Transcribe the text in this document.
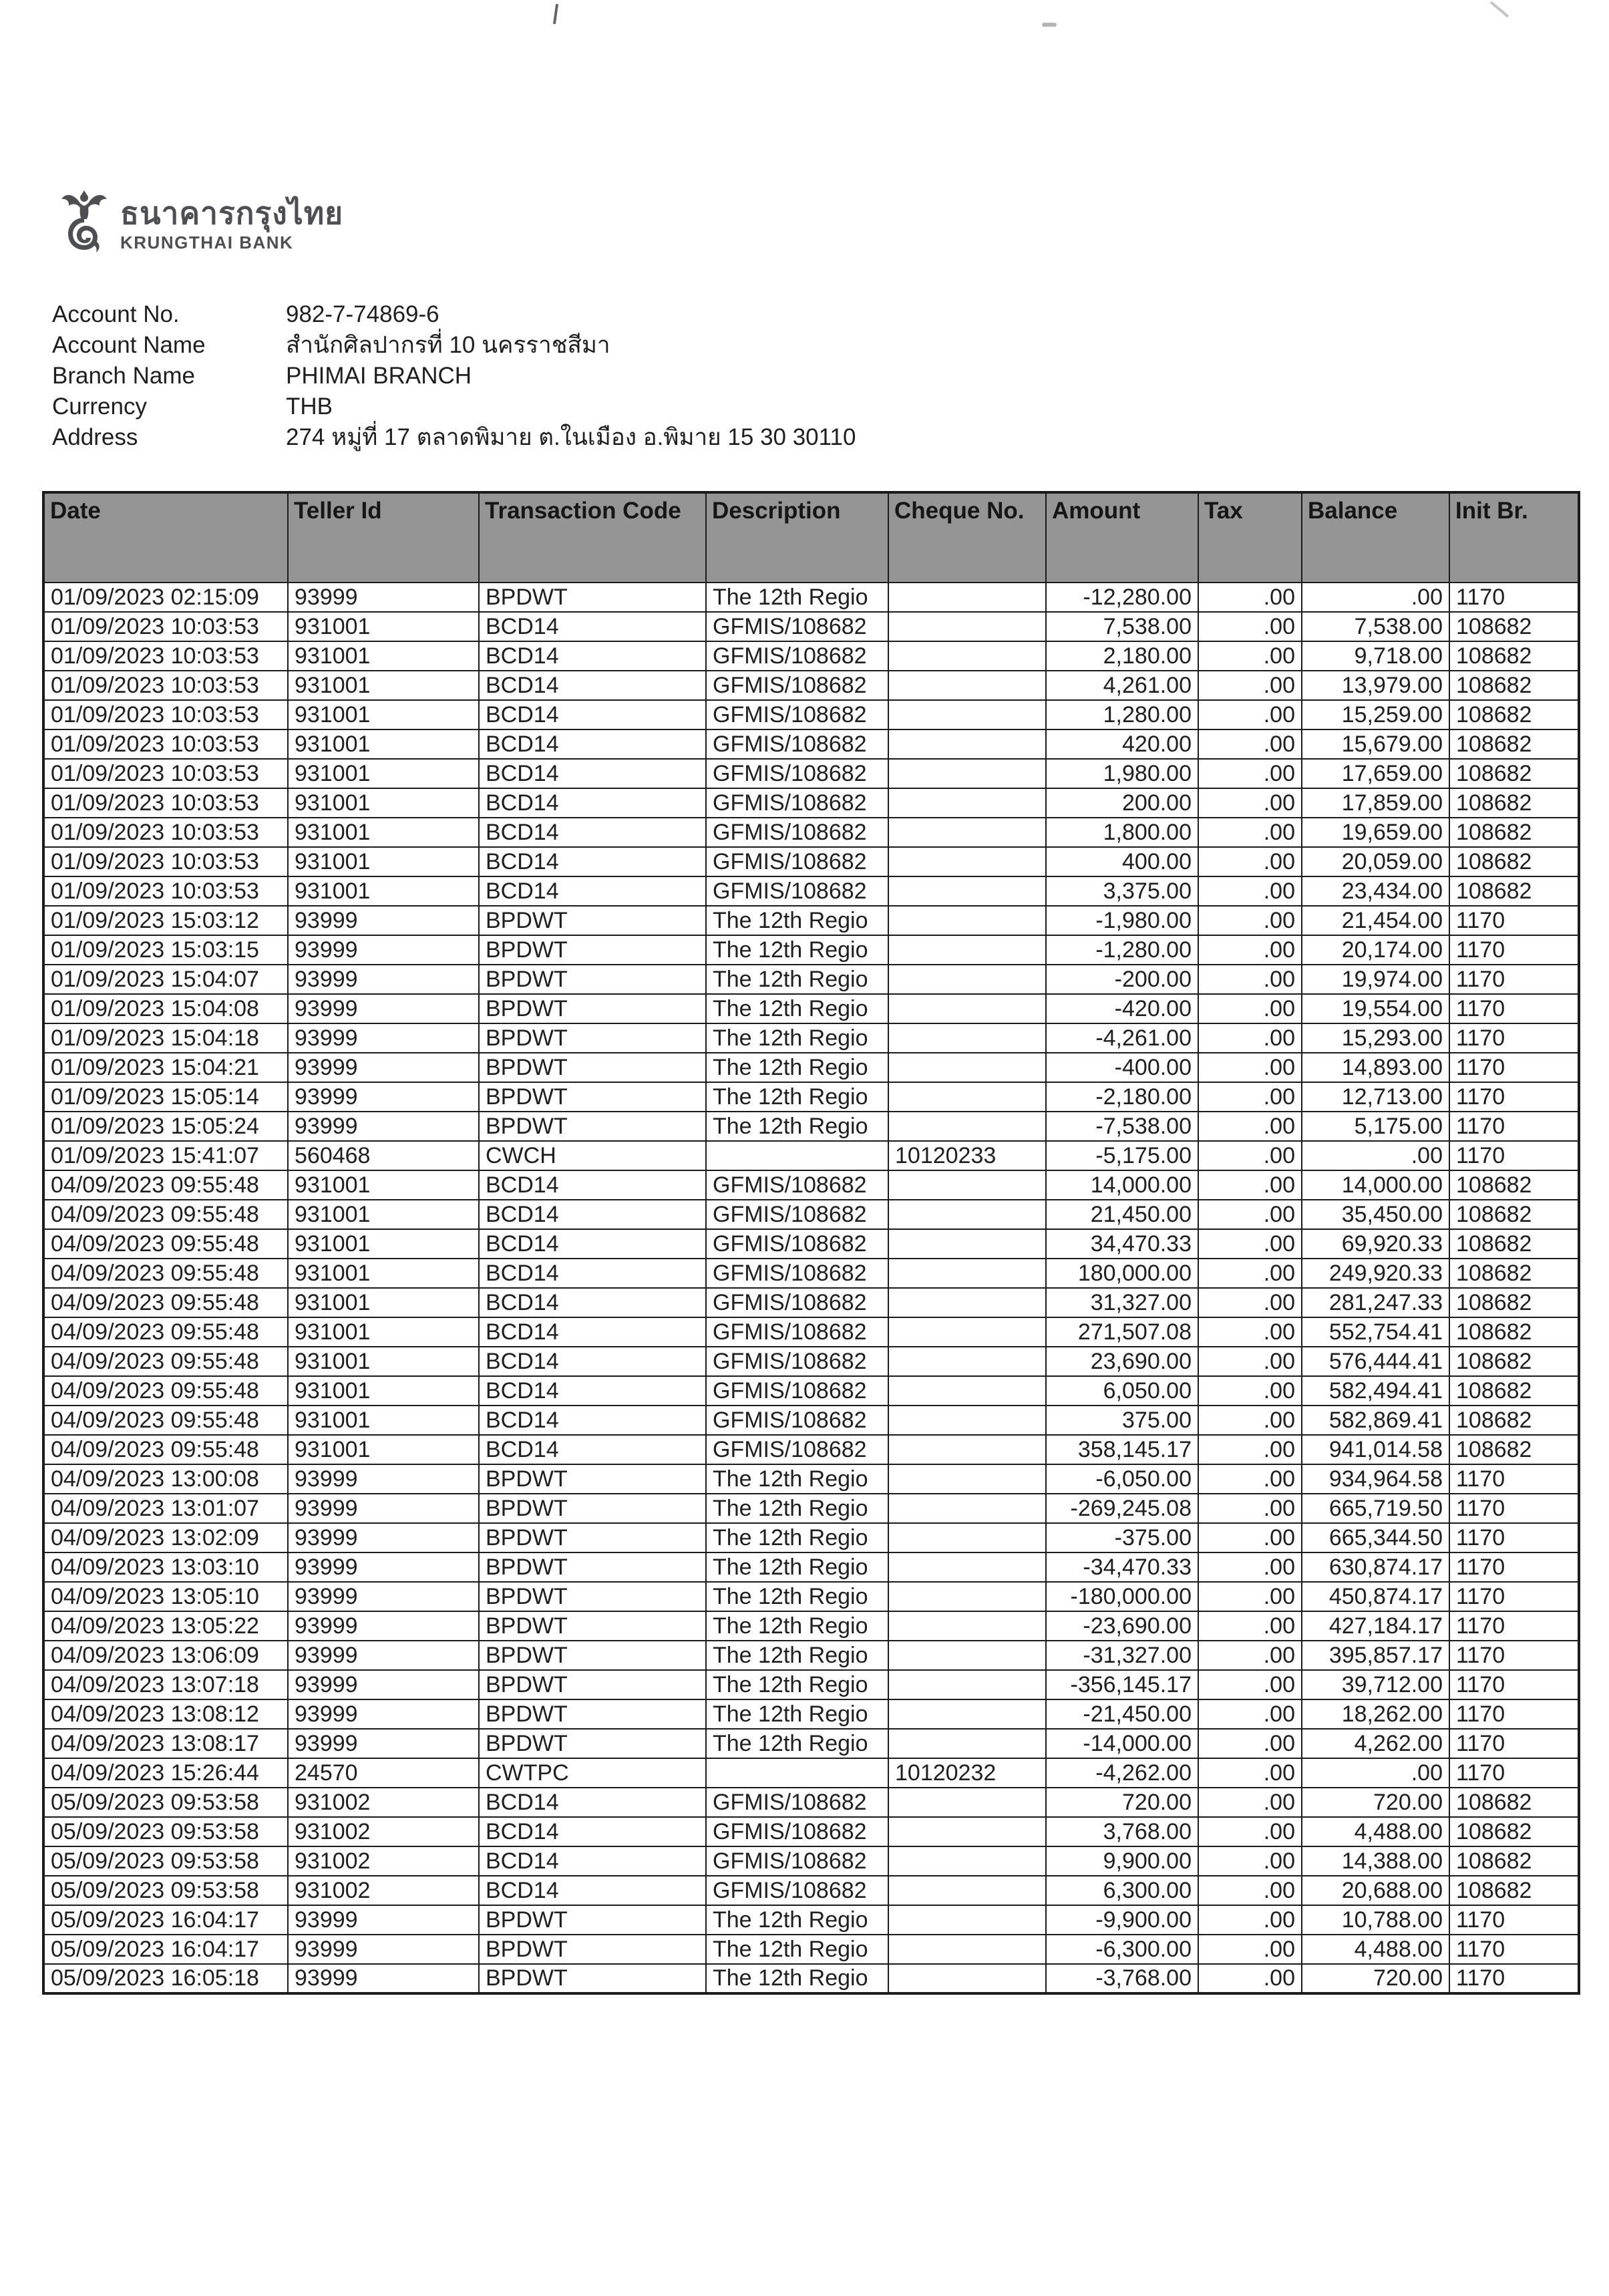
ธนาคารกรุงไทย
KRUNGTHAI BANK
Account No.	982-7-74869-6
Account Name	สำนักศิลปากรที่ 10 นครราชสีมา
Branch Name	PHIMAI BRANCH
Currency	THB
Address	274 หมู่ที่ 17 ตลาดพิมาย ต.ในเมือง อ.พิมาย 15 30 30110
Date	Teller Id	Transaction Code	Description	Cheque No.	Amount	Tax	Balance	Init Br.
01/09/2023 02:15:09	93999	BPDWT	The 12th Regio		-12,280.00	.00	.00	1170
01/09/2023 10:03:53	931001	BCD14	GFMIS/108682		7,538.00	.00	7,538.00	108682
01/09/2023 10:03:53	931001	BCD14	GFMIS/108682		2,180.00	.00	9,718.00	108682
01/09/2023 10:03:53	931001	BCD14	GFMIS/108682		4,261.00	.00	13,979.00	108682
01/09/2023 10:03:53	931001	BCD14	GFMIS/108682		1,280.00	.00	15,259.00	108682
01/09/2023 10:03:53	931001	BCD14	GFMIS/108682		420.00	.00	15,679.00	108682
01/09/2023 10:03:53	931001	BCD14	GFMIS/108682		1,980.00	.00	17,659.00	108682
01/09/2023 10:03:53	931001	BCD14	GFMIS/108682		200.00	.00	17,859.00	108682
01/09/2023 10:03:53	931001	BCD14	GFMIS/108682		1,800.00	.00	19,659.00	108682
01/09/2023 10:03:53	931001	BCD14	GFMIS/108682		400.00	.00	20,059.00	108682
01/09/2023 10:03:53	931001	BCD14	GFMIS/108682		3,375.00	.00	23,434.00	108682
01/09/2023 15:03:12	93999	BPDWT	The 12th Regio		-1,980.00	.00	21,454.00	1170
01/09/2023 15:03:15	93999	BPDWT	The 12th Regio		-1,280.00	.00	20,174.00	1170
01/09/2023 15:04:07	93999	BPDWT	The 12th Regio		-200.00	.00	19,974.00	1170
01/09/2023 15:04:08	93999	BPDWT	The 12th Regio		-420.00	.00	19,554.00	1170
01/09/2023 15:04:18	93999	BPDWT	The 12th Regio		-4,261.00	.00	15,293.00	1170
01/09/2023 15:04:21	93999	BPDWT	The 12th Regio		-400.00	.00	14,893.00	1170
01/09/2023 15:05:14	93999	BPDWT	The 12th Regio		-2,180.00	.00	12,713.00	1170
01/09/2023 15:05:24	93999	BPDWT	The 12th Regio		-7,538.00	.00	5,175.00	1170
01/09/2023 15:41:07	560468	CWCH		10120233	-5,175.00	.00	.00	1170
04/09/2023 09:55:48	931001	BCD14	GFMIS/108682		14,000.00	.00	14,000.00	108682
04/09/2023 09:55:48	931001	BCD14	GFMIS/108682		21,450.00	.00	35,450.00	108682
04/09/2023 09:55:48	931001	BCD14	GFMIS/108682		34,470.33	.00	69,920.33	108682
04/09/2023 09:55:48	931001	BCD14	GFMIS/108682		180,000.00	.00	249,920.33	108682
04/09/2023 09:55:48	931001	BCD14	GFMIS/108682		31,327.00	.00	281,247.33	108682
04/09/2023 09:55:48	931001	BCD14	GFMIS/108682		271,507.08	.00	552,754.41	108682
04/09/2023 09:55:48	931001	BCD14	GFMIS/108682		23,690.00	.00	576,444.41	108682
04/09/2023 09:55:48	931001	BCD14	GFMIS/108682		6,050.00	.00	582,494.41	108682
04/09/2023 09:55:48	931001	BCD14	GFMIS/108682		375.00	.00	582,869.41	108682
04/09/2023 09:55:48	931001	BCD14	GFMIS/108682		358,145.17	.00	941,014.58	108682
04/09/2023 13:00:08	93999	BPDWT	The 12th Regio		-6,050.00	.00	934,964.58	1170
04/09/2023 13:01:07	93999	BPDWT	The 12th Regio		-269,245.08	.00	665,719.50	1170
04/09/2023 13:02:09	93999	BPDWT	The 12th Regio		-375.00	.00	665,344.50	1170
04/09/2023 13:03:10	93999	BPDWT	The 12th Regio		-34,470.33	.00	630,874.17	1170
04/09/2023 13:05:10	93999	BPDWT	The 12th Regio		-180,000.00	.00	450,874.17	1170
04/09/2023 13:05:22	93999	BPDWT	The 12th Regio		-23,690.00	.00	427,184.17	1170
04/09/2023 13:06:09	93999	BPDWT	The 12th Regio		-31,327.00	.00	395,857.17	1170
04/09/2023 13:07:18	93999	BPDWT	The 12th Regio		-356,145.17	.00	39,712.00	1170
04/09/2023 13:08:12	93999	BPDWT	The 12th Regio		-21,450.00	.00	18,262.00	1170
04/09/2023 13:08:17	93999	BPDWT	The 12th Regio		-14,000.00	.00	4,262.00	1170
04/09/2023 15:26:44	24570	CWTPC		10120232	-4,262.00	.00	.00	1170
05/09/2023 09:53:58	931002	BCD14	GFMIS/108682		720.00	.00	720.00	108682
05/09/2023 09:53:58	931002	BCD14	GFMIS/108682		3,768.00	.00	4,488.00	108682
05/09/2023 09:53:58	931002	BCD14	GFMIS/108682		9,900.00	.00	14,388.00	108682
05/09/2023 09:53:58	931002	BCD14	GFMIS/108682		6,300.00	.00	20,688.00	108682
05/09/2023 16:04:17	93999	BPDWT	The 12th Regio		-9,900.00	.00	10,788.00	1170
05/09/2023 16:04:17	93999	BPDWT	The 12th Regio		-6,300.00	.00	4,488.00	1170
05/09/2023 16:05:18	93999	BPDWT	The 12th Regio		-3,768.00	.00	720.00	1170
